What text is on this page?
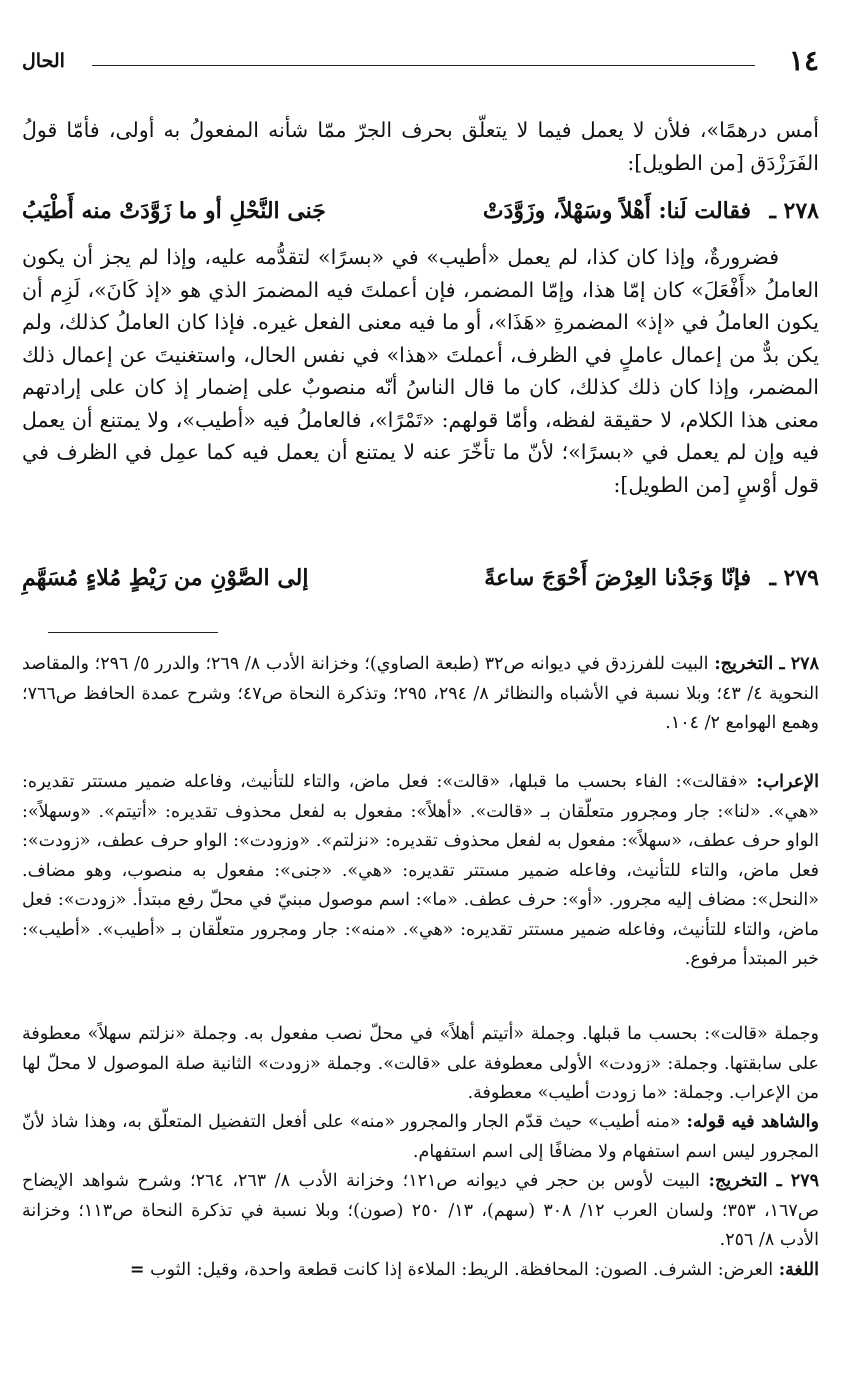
١٤
الحال

أمس درهمًا»، فلأن لا يعمل فيما لا يتعلّق بحرف الجرّ ممّا شأنه المفعولُ به أولى، فأمّا قولُ الفَرَزْدَق [من الطويل]:

٢٧٨ ـ
فقالت لَنا: أَهْلاً وسَهْلاً، وزَوَّدَتْ
جَنى النَّحْلِ أو ما زَوَّدَتْ منه أَطْيَبُ

فضرورةٌ، وإذا كان كذا، لم يعمل «أطيب» في «بسرًا» لتقدُّمه عليه، وإذا لم يجز أن يكون العاملُ «أَفْعَلَ» كان إمّا هذا، وإمّا المضمر، فإن أعملتَ فيه المضمرَ الذي هو «إذ كَانَ»، لَزِم أن يكون العاملُ في «إذ» المضمرةِ «هَذَا»، أو ما فيه معنى الفعل غيره. فإذا كان العاملُ كذلك، ولم يكن بدٌّ من إعمال عاملٍ في الظرف، أعملتَ «هذا» في نفس الحال، واستغنيتَ عن إعمال ذلك المضمر، وإذا كان ذلك كذلك، كان ما قال الناسُ أنّه منصوبٌ على إضمار إذ كان على إرادتهم معنى هذا الكلام، لا حقيقة لفظه، وأمّا قولهم: «تَمْرًا»، فالعاملُ فيه «أطيب»، ولا يمتنع أن يعمل فيه وإن لم يعمل في «بسرًا»؛ لأنّ ما تأخّرَ عنه لا يمتنع أن يعمل فيه كما عمِل في الظرف في قول أوْسٍ [من الطويل]:

٢٧٩ ـ
فإنّا وَجَدْنا العِرْضَ أَحْوَجَ ساعةً
إلى الصَّوْنِ من رَيْطٍ مُلاءٍ مُسَهَّمِ

٢٧٨ ـ التخريج: البيت للفرزدق في ديوانه ص٣٢ (طبعة الصاوي)؛ وخزانة الأدب ٨/ ٢٦٩؛ والدرر ٥/ ٢٩٦؛ والمقاصد النحوية ٤/ ٤٣؛ وبلا نسبة في الأشباه والنظائر ٨/ ٢٩٤، ٢٩٥؛ وتذكرة النحاة ص٤٧؛ وشرح عمدة الحافظ ص٧٦٦؛ وهمع الهوامع ٢/ ١٠٤.

الإعراب: «فقالت»: الفاء بحسب ما قبلها، «قالت»: فعل ماض، والتاء للتأنيث، وفاعله ضمير مستتر تقديره: «هي». «لنا»: جار ومجرور متعلّقان بـ «قالت». «أهلاً»: مفعول به لفعل محذوف تقديره: «أتيتم». «وسهلاً»: الواو حرف عطف، «سهلاً»: مفعول به لفعل محذوف تقديره: «نزلتم». «وزودت»: الواو حرف عطف، «زودت»: فعل ماض، والتاء للتأنيث، وفاعله ضمير مستتر تقديره: «هي». «جنى»: مفعول به منصوب، وهو مضاف. «النحل»: مضاف إليه مجرور. «أو»: حرف عطف. «ما»: اسم موصول مبنيّ في محلّ رفع مبتدأ. «زودت»: فعل ماض، والتاء للتأنيث، وفاعله ضمير مستتر تقديره: «هي». «منه»: جار ومجرور متعلّقان بـ «أطيب». «أطيب»: خبر المبتدأ مرفوع.

وجملة «قالت»: بحسب ما قبلها. وجملة «أتيتم أهلاً» في محلّ نصب مفعول به. وجملة «نزلتم سهلاً» معطوفة على سابقتها. وجملة: «زودت» الأولى معطوفة على «قالت». وجملة «زودت» الثانية صلة الموصول لا محلّ لها من الإعراب. وجملة: «ما زودت أطيب» معطوفة.

والشاهد فيه قوله: «منه أطيب» حيث قدّم الجار والمجرور «منه» على أفعل التفضيل المتعلّق به، وهذا شاذ لأنّ المجرور ليس اسم استفهام ولا مضافًا إلى اسم استفهام.

٢٧٩ ـ التخريج: البيت لأوس بن حجر في ديوانه ص١٢١؛ وخزانة الأدب ٨/ ٢٦٣، ٢٦٤؛ وشرح شواهد الإيضاح ص١٦٧، ٣٥٣؛ ولسان العرب ١٢/ ٣٠٨ (سهم)، ١٣/ ٢٥٠ (صون)؛ وبلا نسبة في تذكرة النحاة ص١١٣؛ وخزانة الأدب ٨/ ٢٥٦.

اللغة: العرض: الشرف. الصون: المحافظة. الريط: الملاءة إذا كانت قطعة واحدة، وقيل: الثوب =
